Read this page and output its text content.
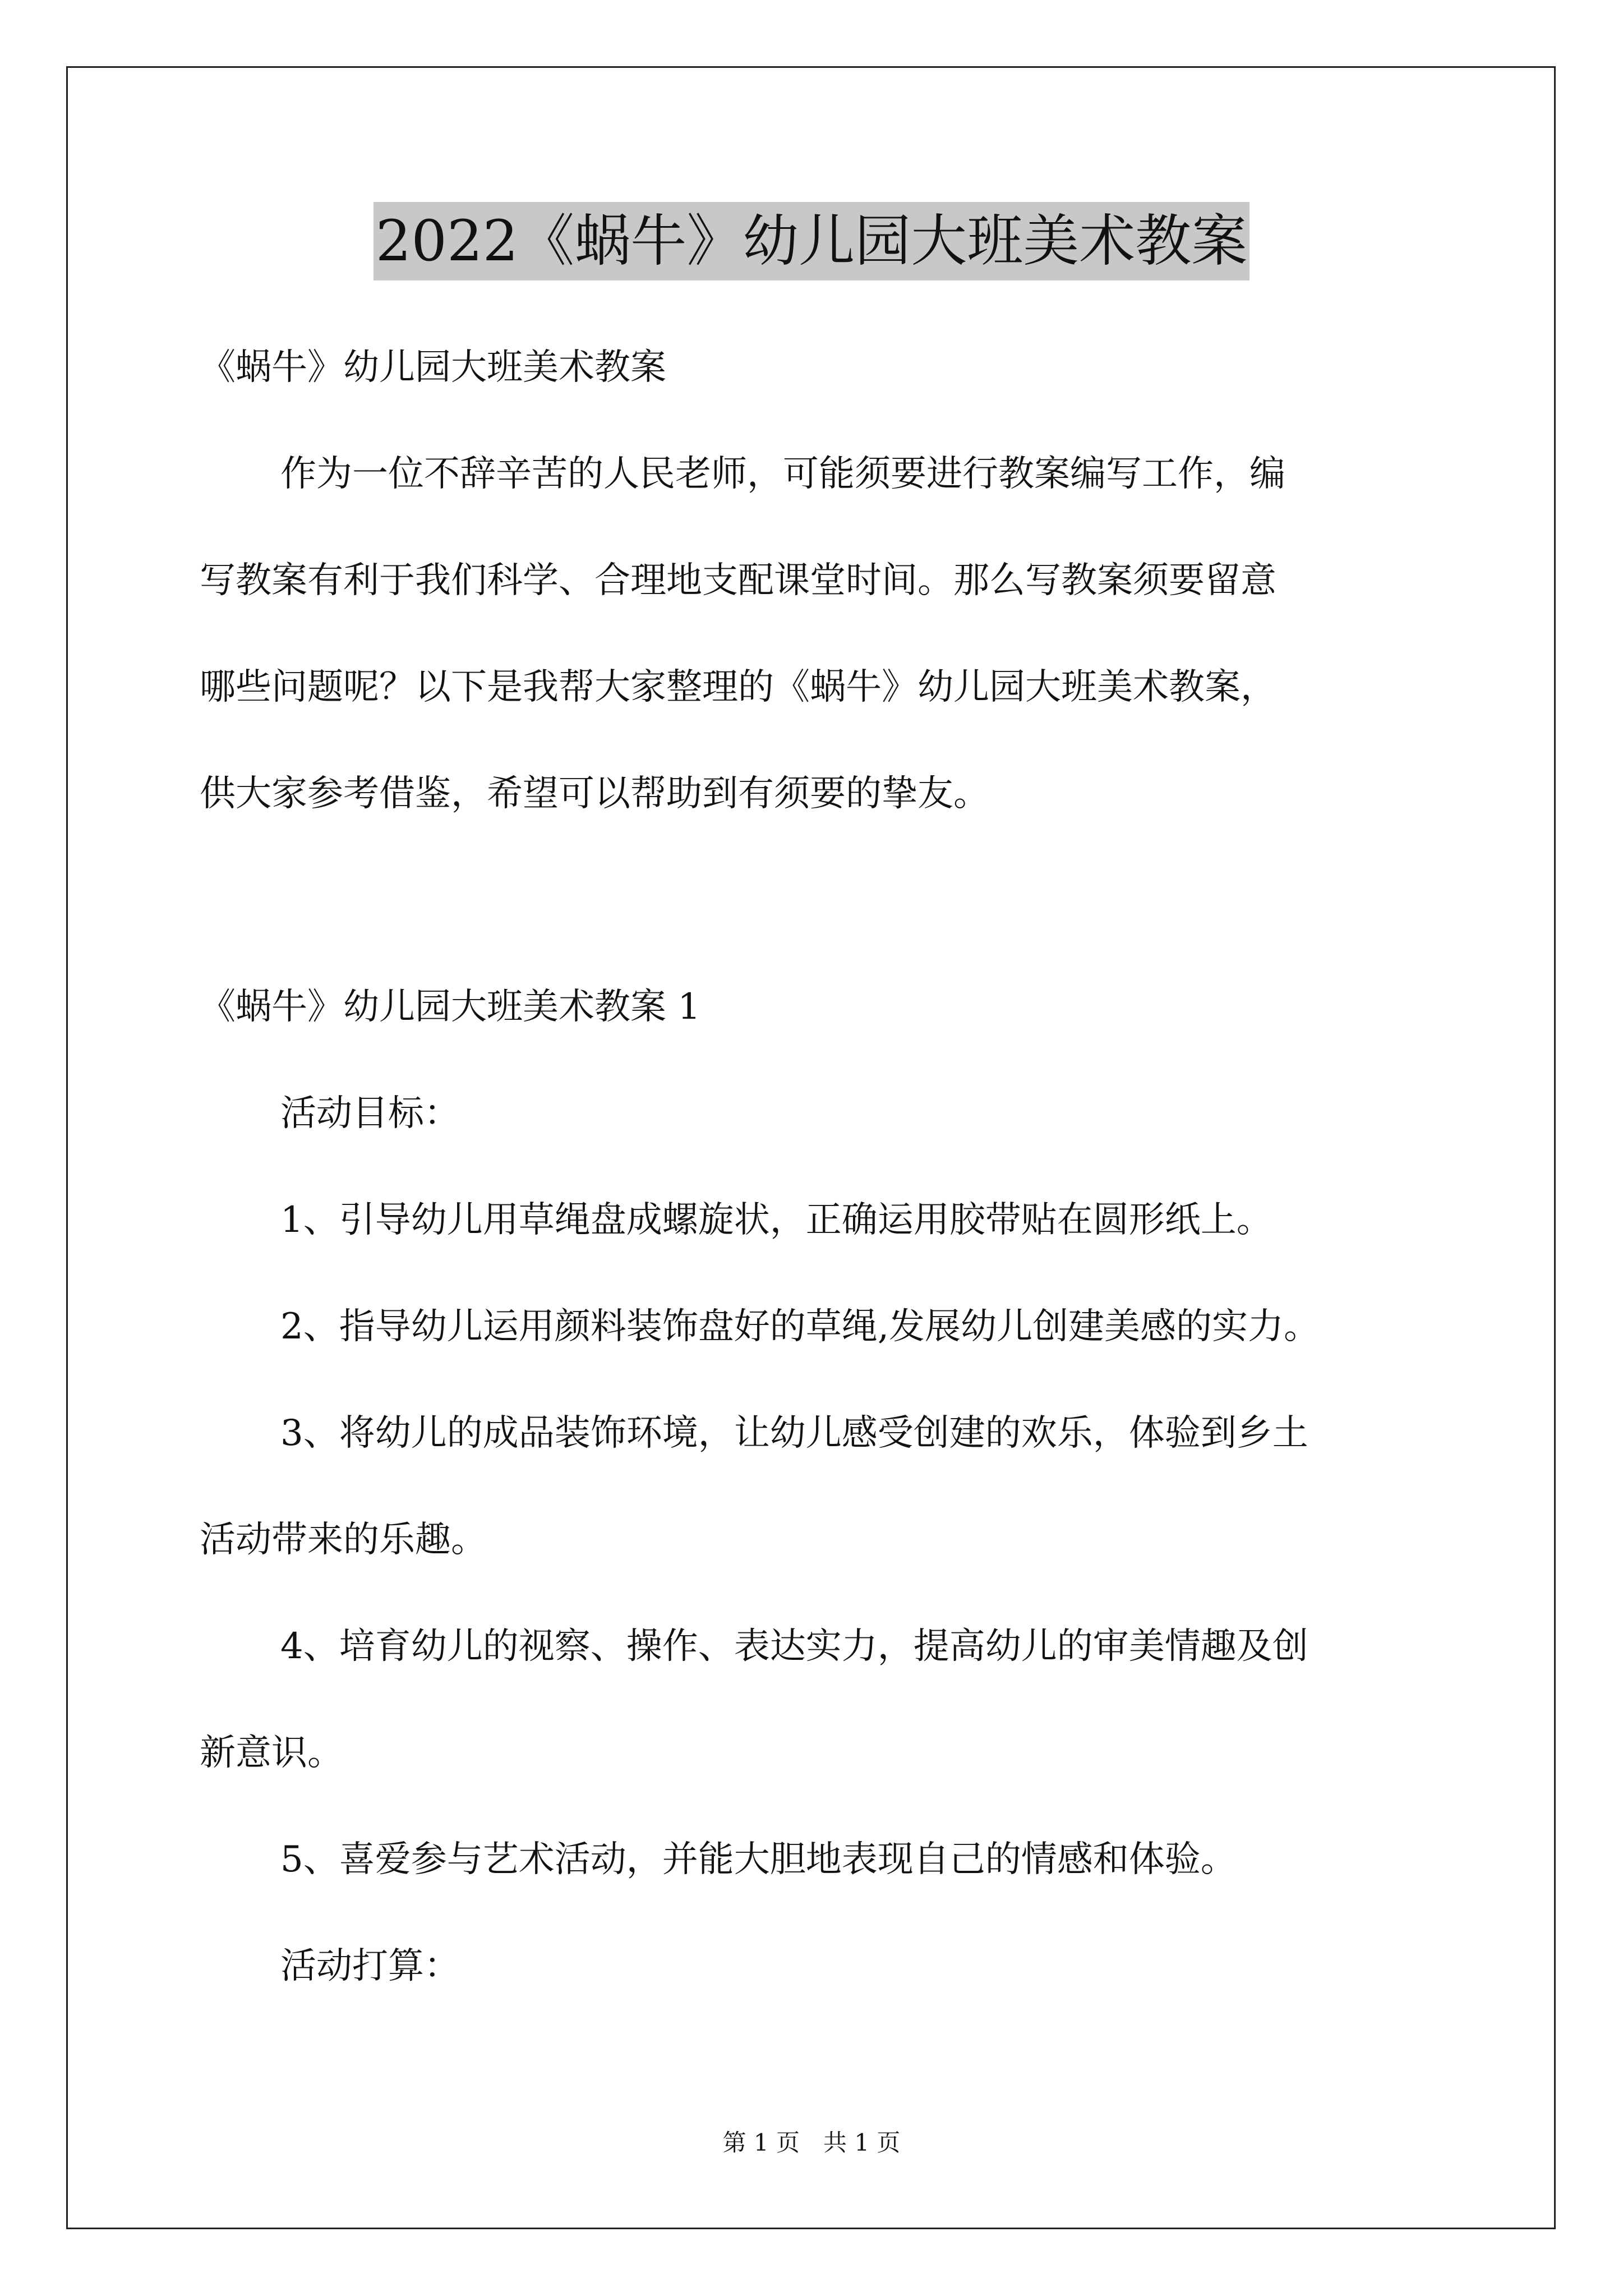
2022《蜗牛》幼儿园大班美术教案

《蜗牛》幼儿园大班美术教案

作为一位不辞辛苦的人民老师，可能须要进行教案编写工作，编

写教案有利于我们科学、合理地支配课堂时间。那么写教案须要留意

哪些问题呢？以下是我帮大家整理的《蜗牛》幼儿园大班美术教案，

供大家参考借鉴，希望可以帮助到有须要的挚友。

《蜗牛》幼儿园大班美术教案 1

活动目标：

1、引导幼儿用草绳盘成螺旋状，正确运用胶带贴在圆形纸上。

2、指导幼儿运用颜料装饰盘好的草绳,发展幼儿创建美感的实力。

3、将幼儿的成品装饰环境，让幼儿感受创建的欢乐，体验到乡土

活动带来的乐趣。

4、培育幼儿的视察、操作、表达实力，提高幼儿的审美情趣及创

新意识。

5、喜爱参与艺术活动，并能大胆地表现自己的情感和体验。

活动打算：

第 1 页　共 1 页
